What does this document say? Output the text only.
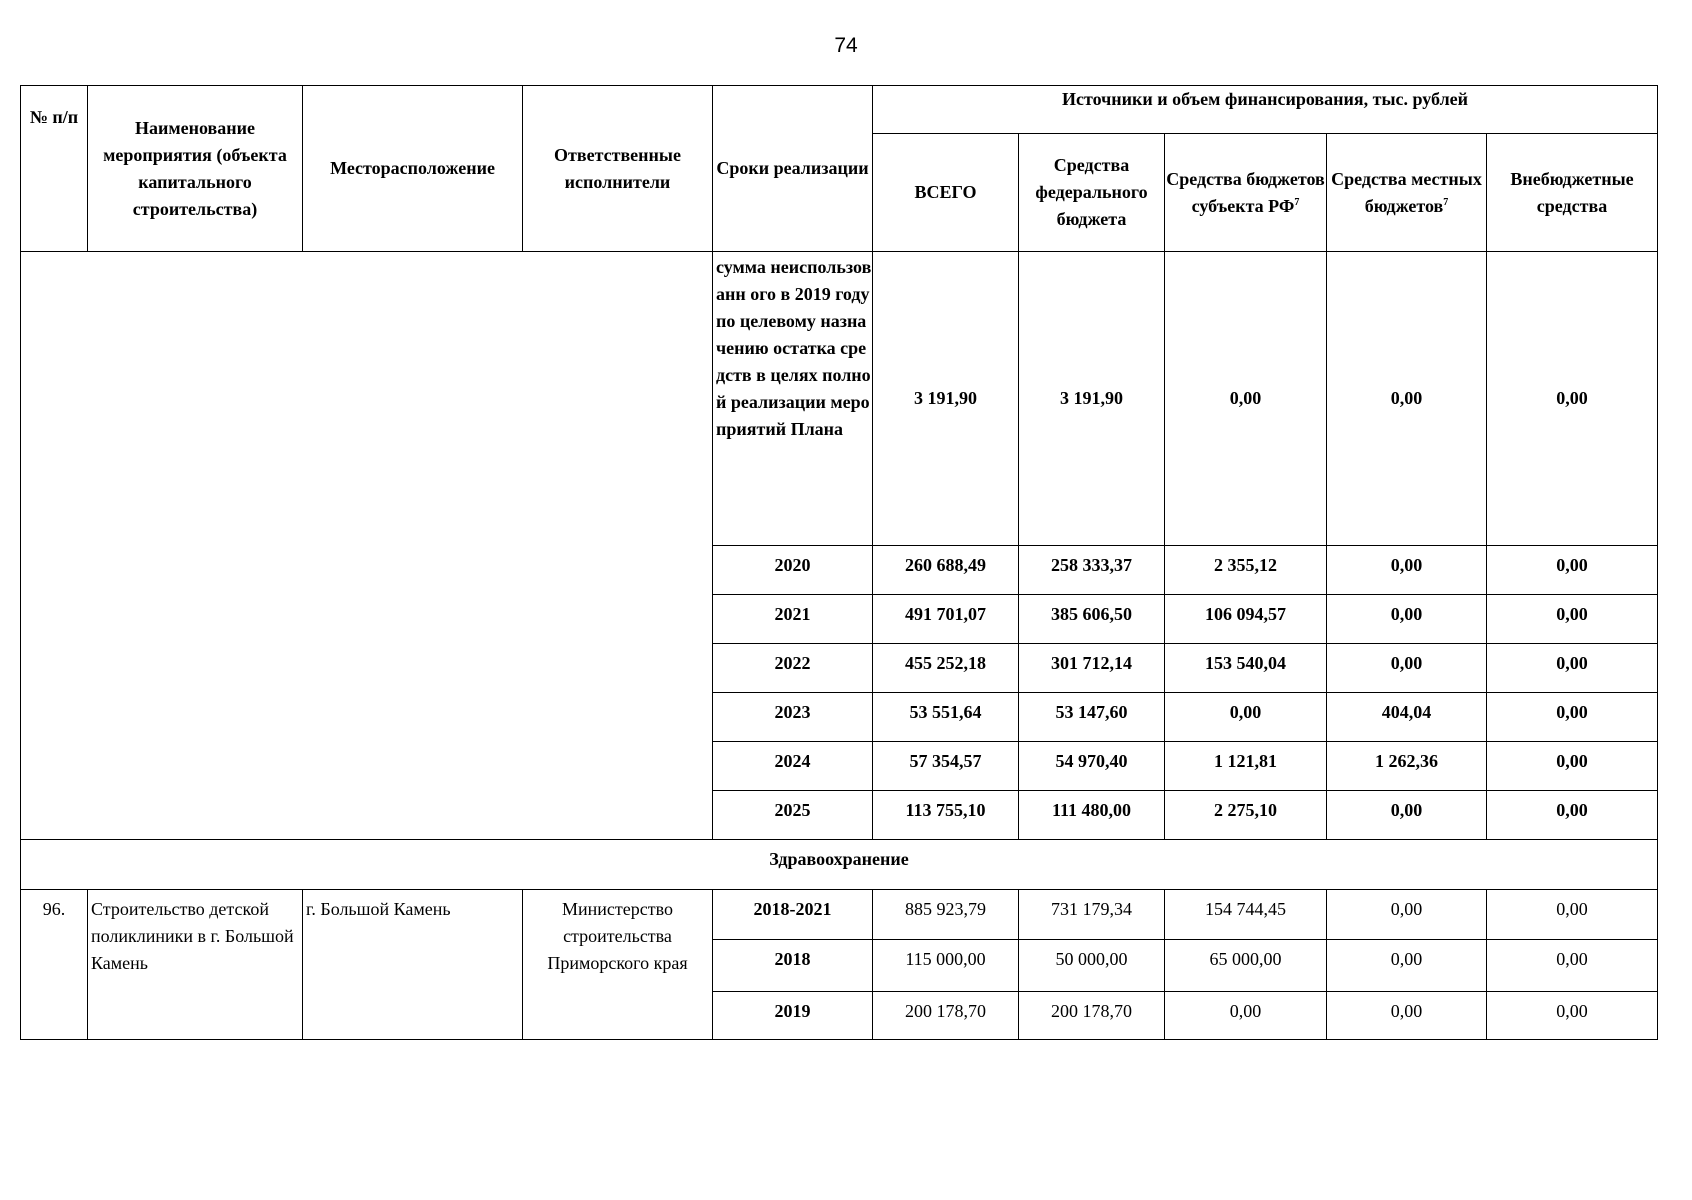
74
№ п/п	Наименование мероприятия (объекта капитального строительства)	Месторасположение	Ответственные исполнители	Сроки реализации	Источники и объем финансирования, тыс. рублей				
					ВСЕГО	Средства федерального бюджета	Средства бюджетов субъекта $РФ^7$	Средства местных бюджетов$^7$	Внебюджетные средства
				сумма неиспользованн ого в 2019 году по целевому назначению остатка средств в целях полной реализации мероприятий Плана	3 191,90	3 191,90	0,00	0,00	0,00
				2020	260 688,49	258 333,37	2 355,12	0,00	0,00
				2021	491 701,07	385 606,50	106 094,57	0,00	0,00
				2022	455 252,18	301 712,14	153 540,04	0,00	0,00
				2023	53 551,64	53 147,60	0,00	404,04	0,00
				2024	57 354,57	54 970,40	1 121,81	1 262,36	0,00
				2025	113 755,10	111 480,00	2 275,10	0,00	0,00
Здравоохранение									
96.	Строительство детской поликлиники в г. Большой Камень	г. Большой Камень	Министерство строительства Приморского края	2018-2021	885 923,79	731 179,34	154 744,45	0,00	0,00
				2018	115 000,00	50 000,00	65 000,00	0,00	0,00
				2019	200 178,70	200 178,70	0,00	0,00	0,00
